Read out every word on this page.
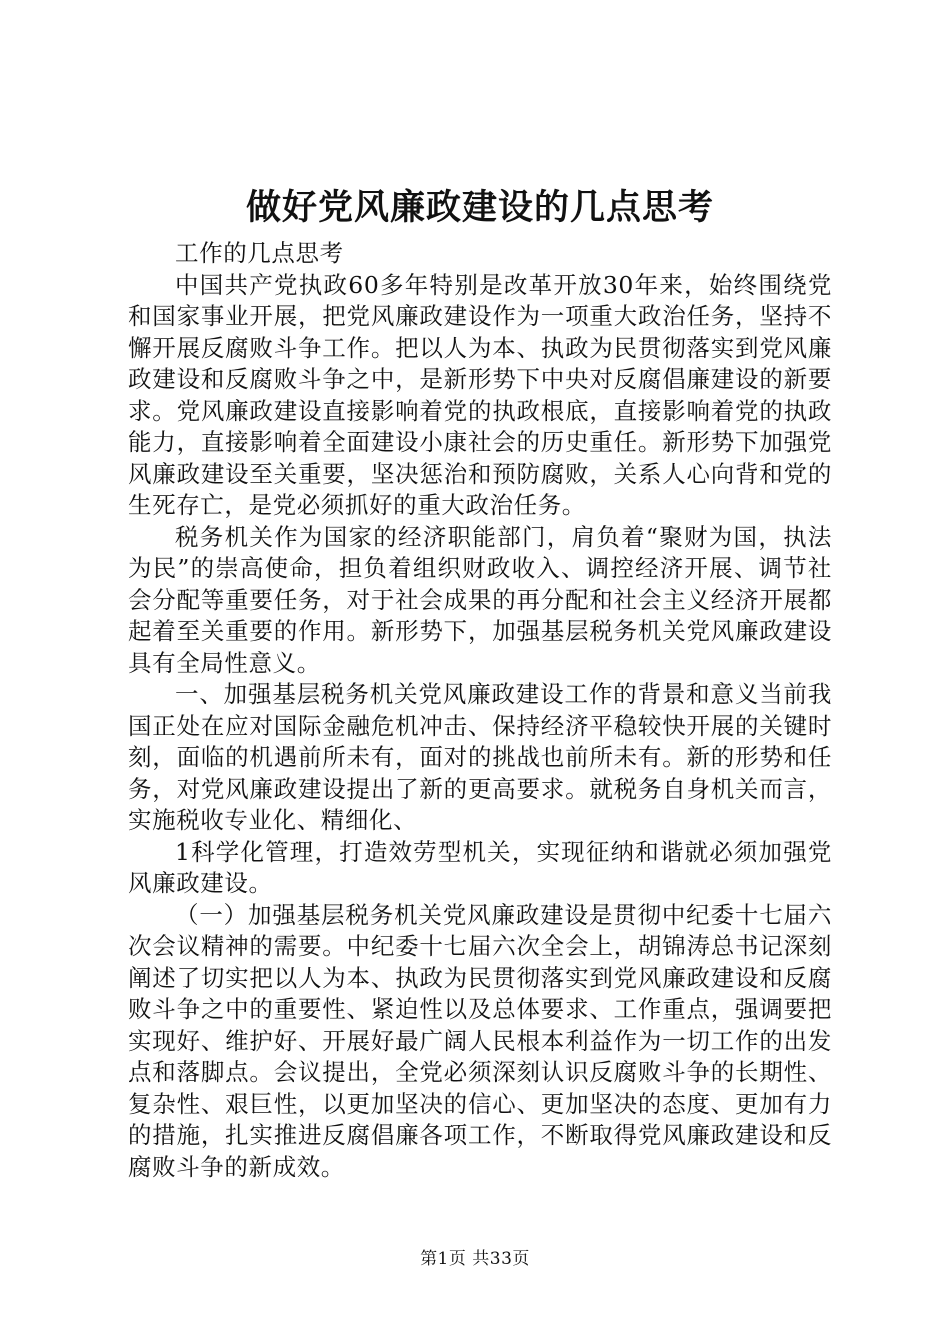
做好党风廉政建设的几点思考

工作的几点思考

中国共产党执政60多年特别是改革开放30年来，始终围绕党和国家事业开展，把党风廉政建设作为一项重大政治任务，坚持不懈开展反腐败斗争工作。把以人为本、执政为民贯彻落实到党风廉政建设和反腐败斗争之中，是新形势下中央对反腐倡廉建设的新要求。党风廉政建设直接影响着党的执政根底，直接影响着党的执政能力，直接影响着全面建设小康社会的历史重任。新形势下加强党风廉政建设至关重要，坚决惩治和预防腐败，关系人心向背和党的生死存亡，是党必须抓好的重大政治任务。

税务机关作为国家的经济职能部门，肩负着“聚财为国，执法为民”的崇高使命，担负着组织财政收入、调控经济开展、调节社会分配等重要任务，对于社会成果的再分配和社会主义经济开展都起着至关重要的作用。新形势下，加强基层税务机关党风廉政建设具有全局性意义。

一、加强基层税务机关党风廉政建设工作的背景和意义当前我国正处在应对国际金融危机冲击、保持经济平稳较快开展的关键时刻，面临的机遇前所未有，面对的挑战也前所未有。新的形势和任务，对党风廉政建设提出了新的更高要求。就税务自身机关而言，实施税收专业化、精细化、

1科学化管理，打造效劳型机关，实现征纳和谐就必须加强党风廉政建设。

（一）加强基层税务机关党风廉政建设是贯彻中纪委十七届六次会议精神的需要。中纪委十七届六次全会上，胡锦涛总书记深刻阐述了切实把以人为本、执政为民贯彻落实到党风廉政建设和反腐败斗争之中的重要性、紧迫性以及总体要求、工作重点，强调要把实现好、维护好、开展好最广阔人民根本利益作为一切工作的出发点和落脚点。会议提出，全党必须深刻认识反腐败斗争的长期性、复杂性、艰巨性，以更加坚决的信心、更加坚决的态度、更加有力的措施，扎实推进反腐倡廉各项工作，不断取得党风廉政建设和反腐败斗争的新成效。

第1页 共33页
